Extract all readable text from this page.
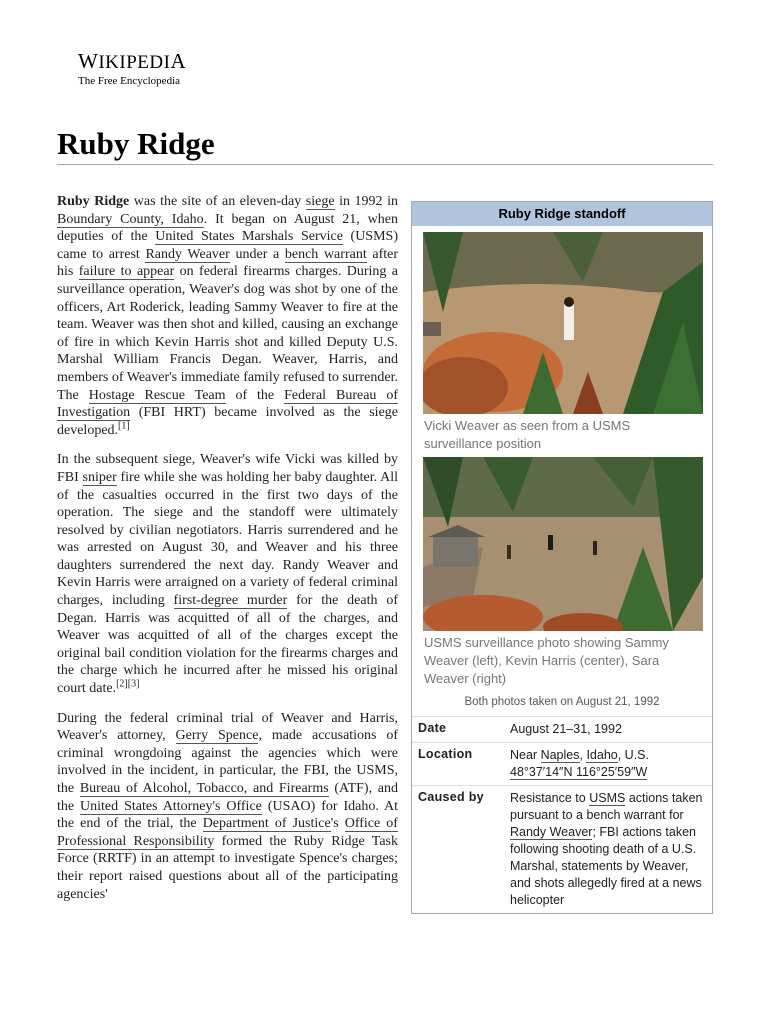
WIKIPEDIA
The Free Encyclopedia
Ruby Ridge

Ruby Ridge was the site of an eleven-day siege in 1992 in Boundary County, Idaho. It began on August 21, when deputies of the United States Marshals Service (USMS) came to arrest Randy Weaver under a bench warrant after his failure to appear on federal firearms charges. During a surveillance operation, Weaver's dog was shot by one of the officers, Art Roderick, leading Sammy Weaver to fire at the team. Weaver was then shot and killed, causing an exchange of fire in which Kevin Harris shot and killed Deputy U.S. Marshal William Francis Degan. Weaver, Harris, and members of Weaver's immediate family refused to surrender. The Hostage Rescue Team of the Federal Bureau of Investigation (FBI HRT) became involved as the siege developed.[1]

In the subsequent siege, Weaver's wife Vicki was killed by FBI sniper fire while she was holding her baby daughter. All of the casualties occurred in the first two days of the operation. The siege and the standoff were ultimately resolved by civilian negotiators. Harris surrendered and he was arrested on August 30, and Weaver and his three daughters surrendered the next day. Randy Weaver and Kevin Harris were arraigned on a variety of federal criminal charges, including first-degree murder for the death of Degan. Harris was acquitted of all of the charges, and Weaver was acquitted of all of the charges except the original bail condition violation for the firearms charges and the charge which he incurred after he missed his original court date.[2][3]

During the federal criminal trial of Weaver and Harris, Weaver's attorney, Gerry Spence, made accusations of criminal wrongdoing against the agencies which were involved in the incident, in particular, the FBI, the USMS, the Bureau of Alcohol, Tobacco, and Firearms (ATF), and the United States Attorney's Office (USAO) for Idaho. At the end of the trial, the Department of Justice's Office of Professional Responsibility formed the Ruby Ridge Task Force (RRTF) in an attempt to investigate Spence's charges; their report raised questions about all of the participating agencies'

Ruby Ridge standoff
Vicki Weaver as seen from a USMS surveillance position
USMS surveillance photo showing Sammy Weaver (left), Kevin Harris (center), Sara Weaver (right)
Both photos taken on August 21, 1992
Date	August 21–31, 1992
Location	Near Naples, Idaho, U.S.
48°37′14″N 116°25′59″W
Caused by	Resistance to USMS actions taken pursuant to a bench warrant for Randy Weaver; FBI actions taken following shooting death of a U.S. Marshal, statements by Weaver, and shots allegedly fired at a news helicopter
